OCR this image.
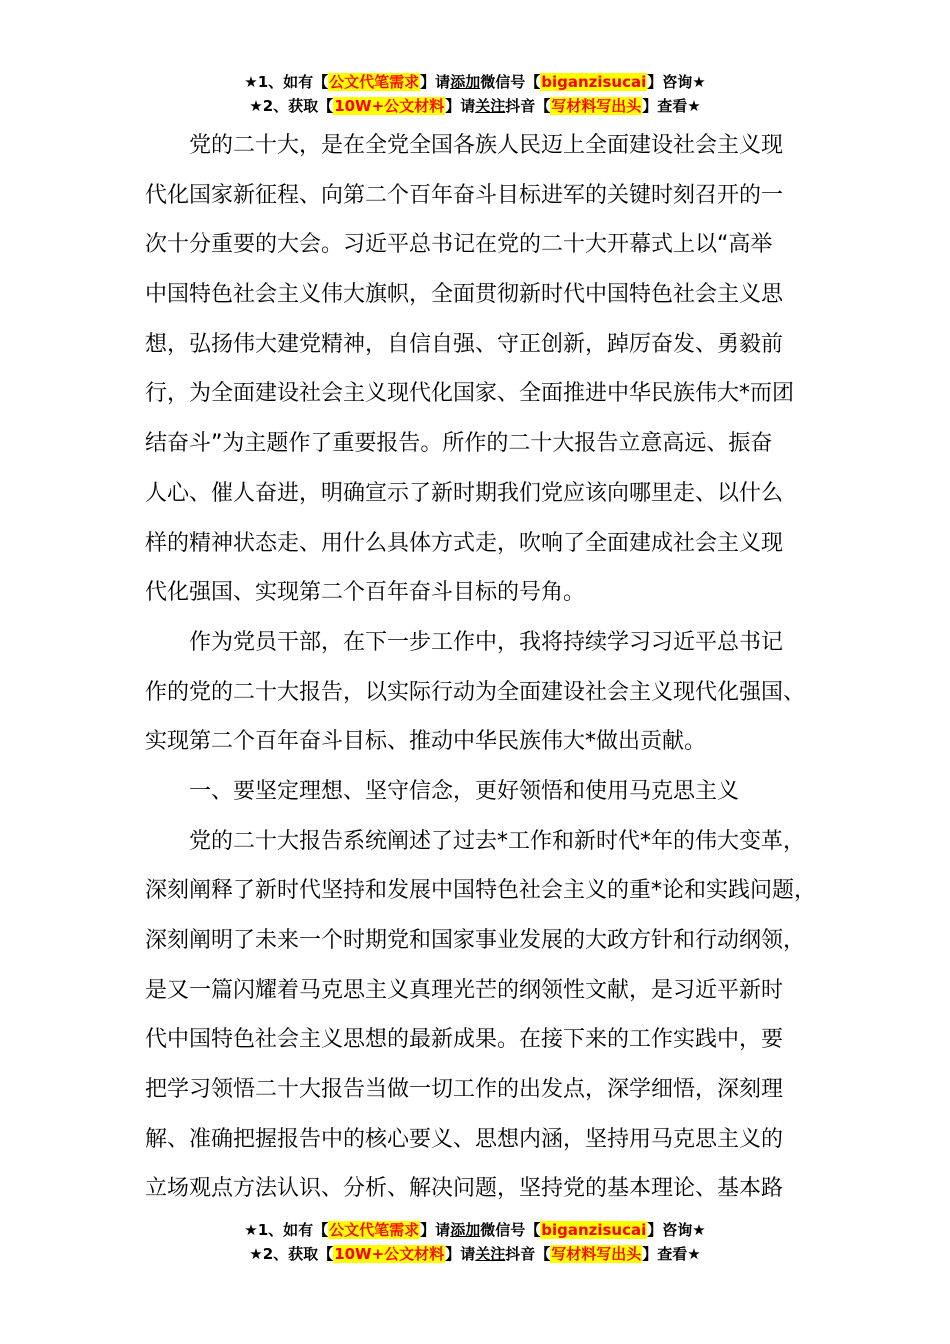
★1、如有【公文代笔需求】请添加微信号【biganzisucai】咨询★
★2、获取【10W+公文材料】请关注抖音【写材料写出头】查看★
　　党的二十大，是在全党全国各族人民迈上全面建设社会主义现
代化国家新征程、向第二个百年奋斗目标进军的关键时刻召开的一
次十分重要的大会。习近平总书记在党的二十大开幕式上以“高举
中国特色社会主义伟大旗帜，全面贯彻新时代中国特色社会主义思
想，弘扬伟大建党精神，自信自强、守正创新，踔厉奋发、勇毅前
行，为全面建设社会主义现代化国家、全面推进中华民族伟大*而团
结奋斗”为主题作了重要报告。所作的二十大报告立意高远、振奋
人心、催人奋进，明确宣示了新时期我们党应该向哪里走、以什么
样的精神状态走、用什么具体方式走，吹响了全面建成社会主义现
代化强国、实现第二个百年奋斗目标的号角。
　　作为党员干部，在下一步工作中，我将持续学习习近平总书记
作的党的二十大报告，以实际行动为全面建设社会主义现代化强国、
实现第二个百年奋斗目标、推动中华民族伟大*做出贡献。
　　一、要坚定理想、坚守信念，更好领悟和使用马克思主义
　　党的二十大报告系统阐述了过去*工作和新时代*年的伟大变革，
深刻阐释了新时代坚持和发展中国特色社会主义的重*论和实践问题，
深刻阐明了未来一个时期党和国家事业发展的大政方针和行动纲领，
是又一篇闪耀着马克思主义真理光芒的纲领性文献，是习近平新时
代中国特色社会主义思想的最新成果。在接下来的工作实践中，要
把学习领悟二十大报告当做一切工作的出发点，深学细悟，深刻理
解、准确把握报告中的核心要义、思想内涵，坚持用马克思主义的
立场观点方法认识、分析、解决问题，坚持党的基本理论、基本路
★1、如有【公文代笔需求】请添加微信号【biganzisucai】咨询★
★2、获取【10W+公文材料】请关注抖音【写材料写出头】查看★
